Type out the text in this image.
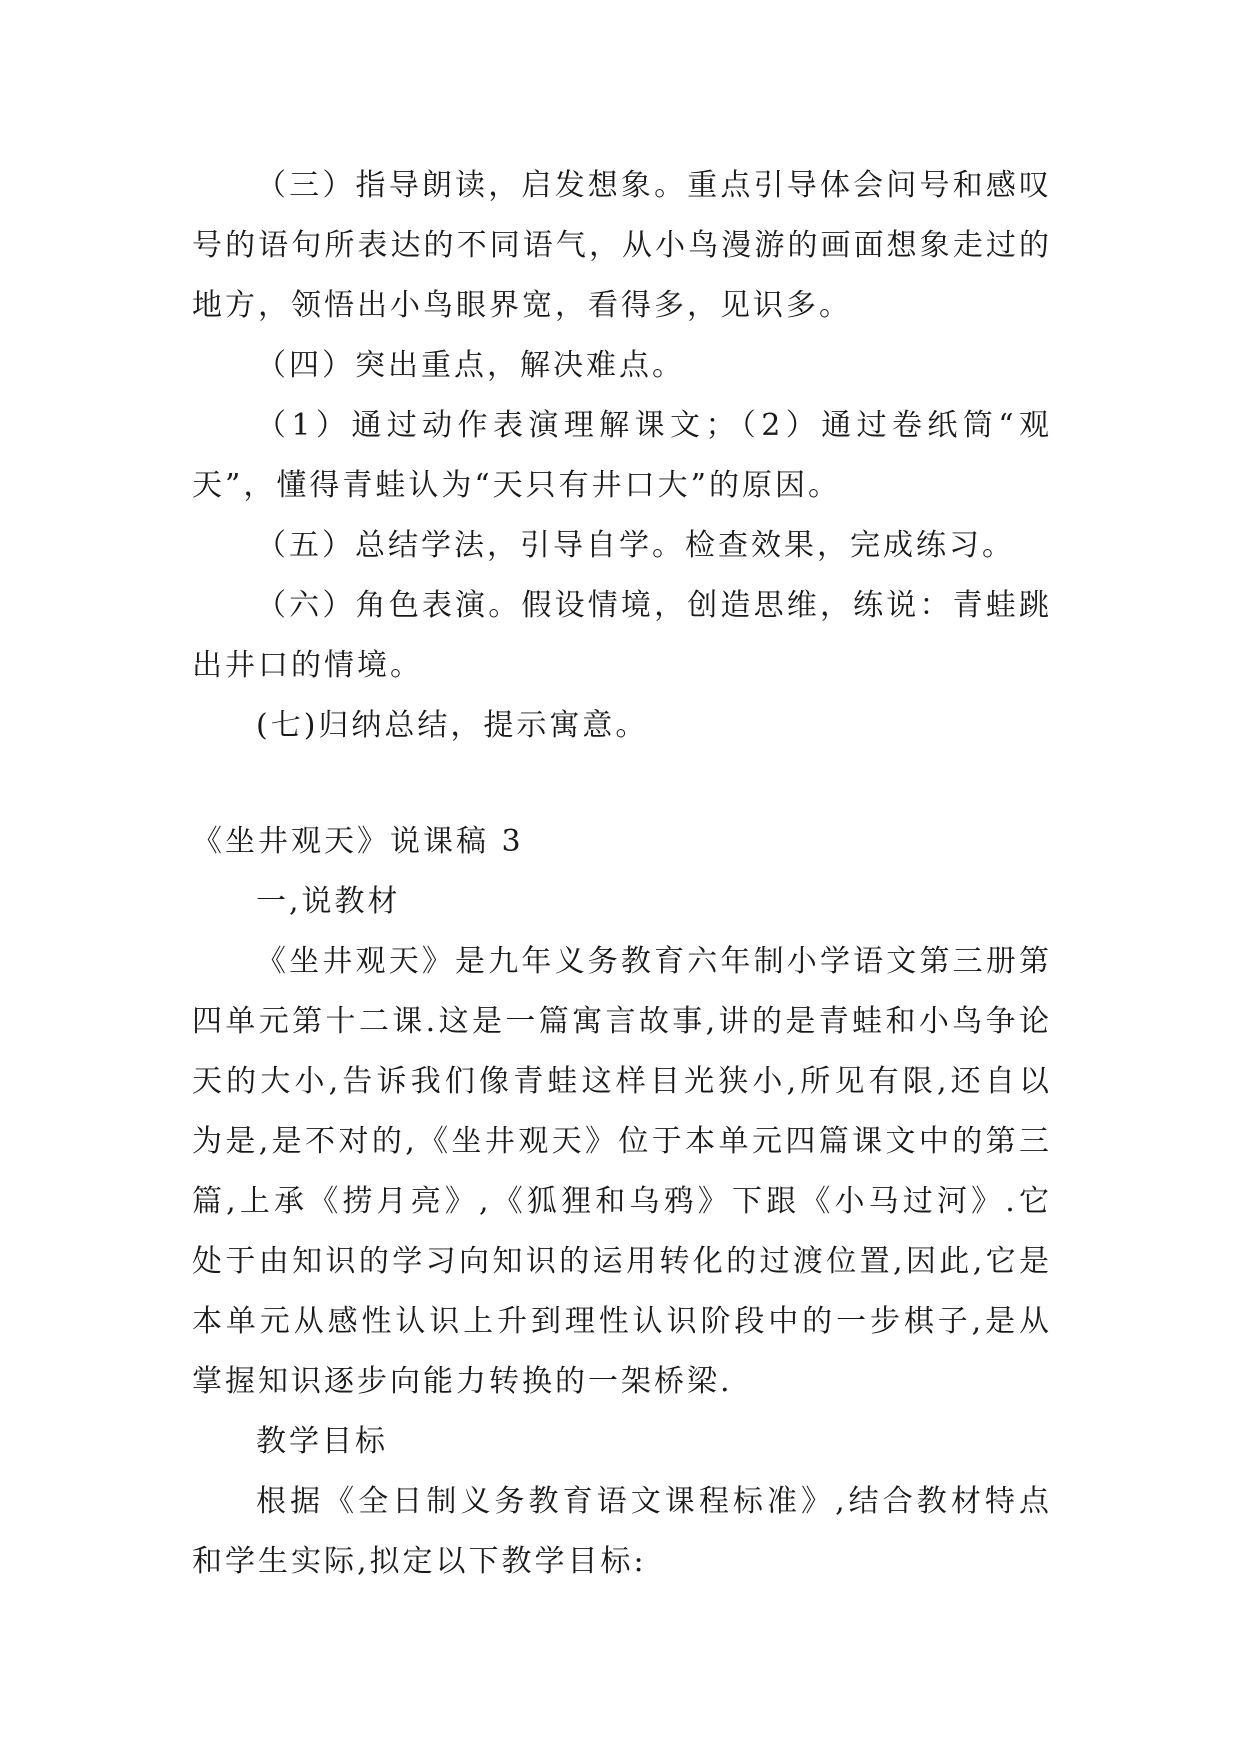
（三）指导朗读，启发想象。重点引导体会问号和感叹号的语句所表达的不同语气，从小鸟漫游的画面想象走过的地方，领悟出小鸟眼界宽，看得多，见识多。

（四）突出重点，解决难点。

（1）通过动作表演理解课文；（2）通过卷纸筒“观天”，懂得青蛙认为“天只有井口大”的原因。

（五）总结学法，引导自学。检查效果，完成练习。

（六）角色表演。假设情境，创造思维，练说：青蛙跳出井口的情境。

(七)归纳总结，提示寓意。

《坐井观天》说课稿 3

一,说教材

《坐井观天》是九年义务教育六年制小学语文第三册第四单元第十二课.这是一篇寓言故事,讲的是青蛙和小鸟争论天的大小,告诉我们像青蛙这样目光狭小,所见有限,还自以为是,是不对的,《坐井观天》位于本单元四篇课文中的第三篇,上承《捞月亮》,《狐狸和乌鸦》下跟《小马过河》.它处于由知识的学习向知识的运用转化的过渡位置,因此,它是本单元从感性认识上升到理性认识阶段中的一步棋子,是从掌握知识逐步向能力转换的一架桥梁.

教学目标

根据《全日制义务教育语文课程标准》,结合教材特点和学生实际,拟定以下教学目标:
